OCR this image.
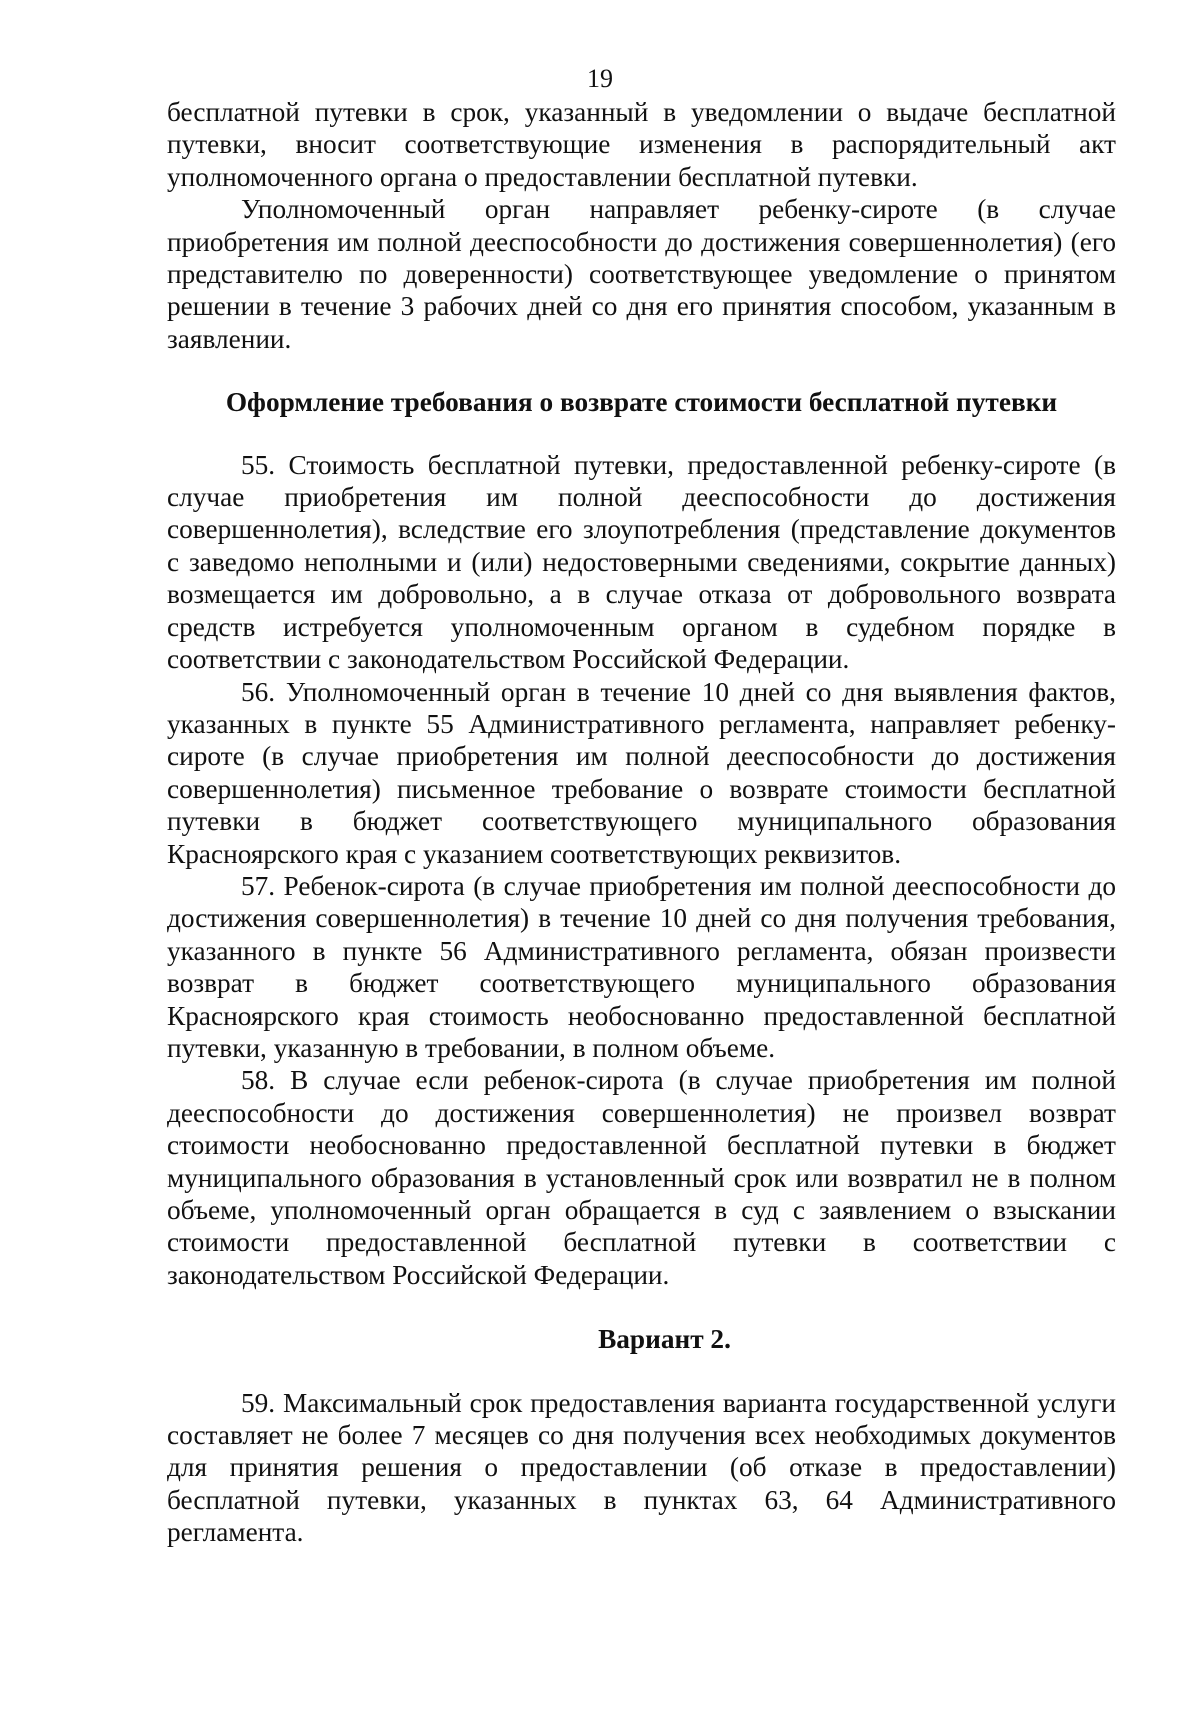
19

бесплатной путевки в срок, указанный в уведомлении о выдаче бесплатной путевки, вносит соответствующие изменения в распорядительный акт уполномоченного органа о предоставлении бесплатной путевки.

Уполномоченный орган направляет ребенку-сироте (в случае приобретения им полной дееспособности до достижения совершеннолетия) (его представителю по доверенности) соответствующее уведомление о принятом решении в течение 3 рабочих дней со дня его принятия способом, указанным в заявлении.

Оформление требования о возврате стоимости бесплатной путевки

55. Стоимость бесплатной путевки, предоставленной ребенку-сироте (в случае приобретения им полной дееспособности до достижения совершеннолетия), вследствие его злоупотребления (представление документов с заведомо неполными и (или) недостоверными сведениями, сокрытие данных) возмещается им добровольно, а в случае отказа от добровольного возврата средств истребуется уполномоченным органом в судебном порядке в соответствии с законодательством Российской Федерации.

56. Уполномоченный орган в течение 10 дней со дня выявления фактов, указанных в пункте 55 Административного регламента, направляет ребенку-сироте (в случае приобретения им полной дееспособности до достижения совершеннолетия) письменное требование о возврате стоимости бесплатной путевки в бюджет соответствующего муниципального образования Красноярского края с указанием соответствующих реквизитов.

57. Ребенок-сирота (в случае приобретения им полной дееспособности до достижения совершеннолетия) в течение 10 дней со дня получения требования, указанного в пункте 56 Административного регламента, обязан произвести возврат в бюджет соответствующего муниципального образования Красноярского края стоимость необоснованно предоставленной бесплатной путевки, указанную в требовании, в полном объеме.

58. В случае если ребенок-сирота (в случае приобретения им полной дееспособности до достижения совершеннолетия) не произвел возврат стоимости необоснованно предоставленной бесплатной путевки в бюджет муниципального образования в установленный срок или возвратил не в полном объеме, уполномоченный орган обращается в суд с заявлением о взыскании стоимости предоставленной бесплатной путевки в соответствии с законодательством Российской Федерации.

Вариант 2.

59. Максимальный срок предоставления варианта государственной услуги составляет не более 7 месяцев со дня получения всех необходимых документов для принятия решения о предоставлении (об отказе в предоставлении) бесплатной путевки, указанных в пунктах 63, 64 Административного регламента.
